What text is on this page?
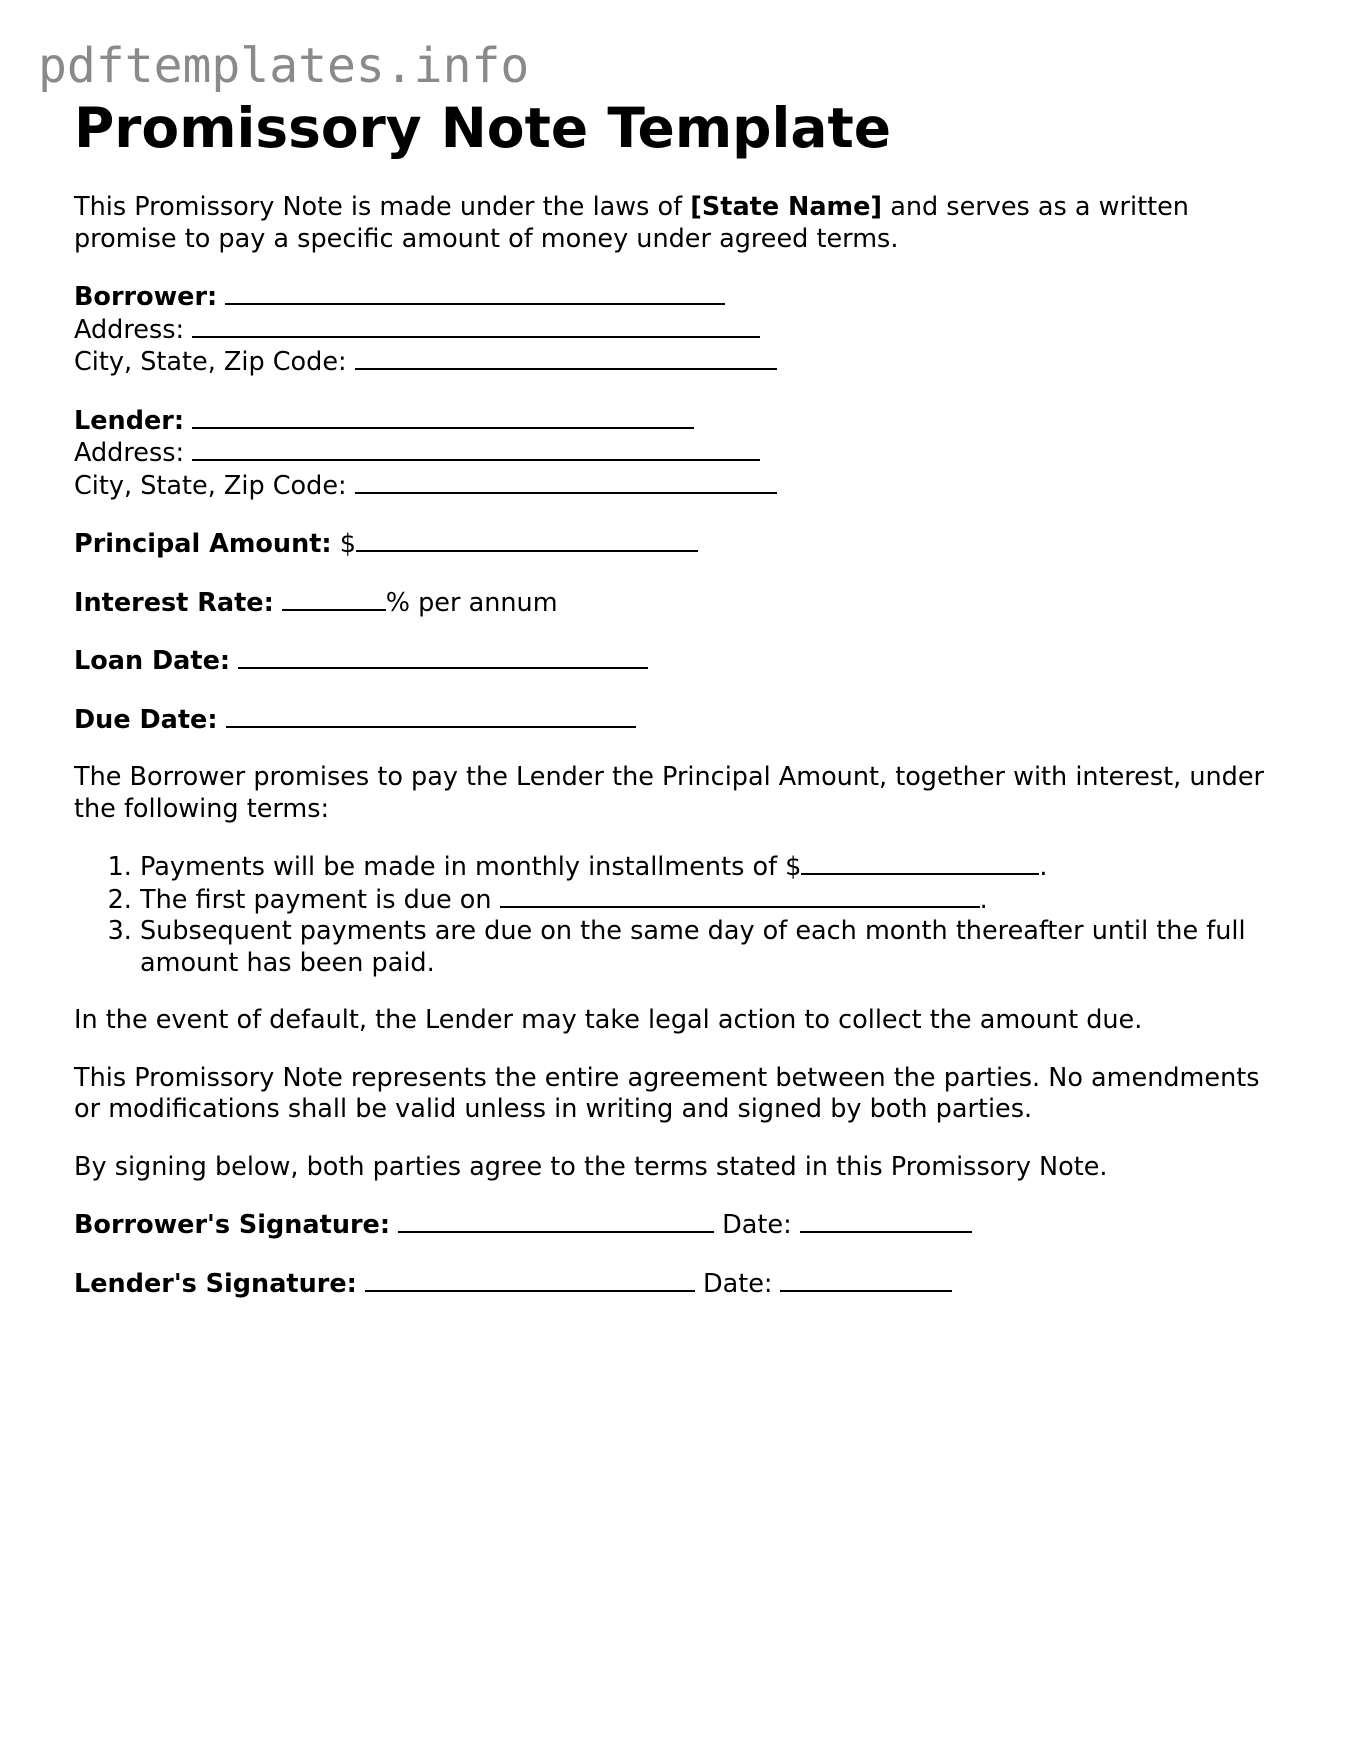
pdftemplates.info
Promissory Note Template

This Promissory Note is made under the laws of [State Name] and serves as a written promise to pay a specific amount of money under agreed terms.

Borrower:
Address:
City, State, Zip Code:
Lender:
Address:
City, State, Zip Code:
Principal Amount: $
Interest Rate:	% per annum
Loan Date:
Due Date:

The Borrower promises to pay the Lender the Principal Amount, together with interest, under the following terms:

1. Payments will be made in monthly installments of $	.
2. The first payment is due on	.
3. Subsequent payments are due on the same day of each month thereafter until the full amount has been paid.

In the event of default, the Lender may take legal action to collect the amount due.

This Promissory Note represents the entire agreement between the parties. No amendments or modifications shall be valid unless in writing and signed by both parties.

By signing below, both parties agree to the terms stated in this Promissory Note.

Borrower's Signature:	Date:
Lender's Signature:	Date:
